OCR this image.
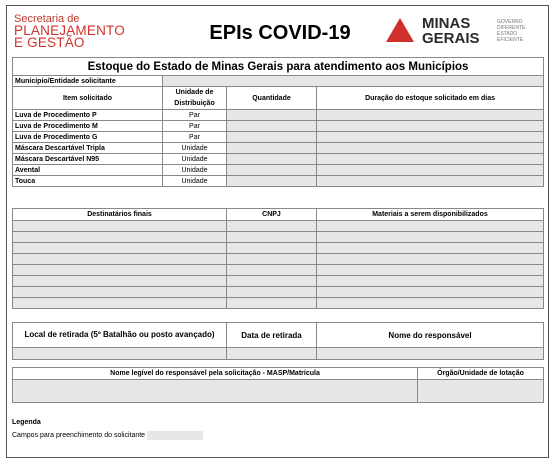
Secretaria de
PLANEJAMENTO
E GESTÃO	EPIs COVID-19	MINAS
GERAIS
GOVERNO
DIFERENTE.
ESTADO
EFICIENTE.
Estoque do Estado de Minas Gerais para atendimento aos Municípios			
Município/Entidade solicitante			
Item solicitado	Unidade de Distribuição	Quantidade	Duração do estoque solicitado em dias
Luva de Procedimento P	Par		
Luva de Procedimento M	Par		
Luva de Procedimento G	Par		
Máscara Descartável Tripla	Unidade		
Máscara Descartável N95	Unidade		
Avental	Unidade		
Touca	Unidade		
Destinatários finais	CNPJ	Materiais a serem disponibilizados

Local de retirada (5º Batalhão ou posto avançado)	Data de retirada	Nome do responsável

Nome legível do responsável pela solicitação - MASP/Matrícula	Órgão/Unidade de lotação

Legenda
Campos para preenchimento do solicitante
